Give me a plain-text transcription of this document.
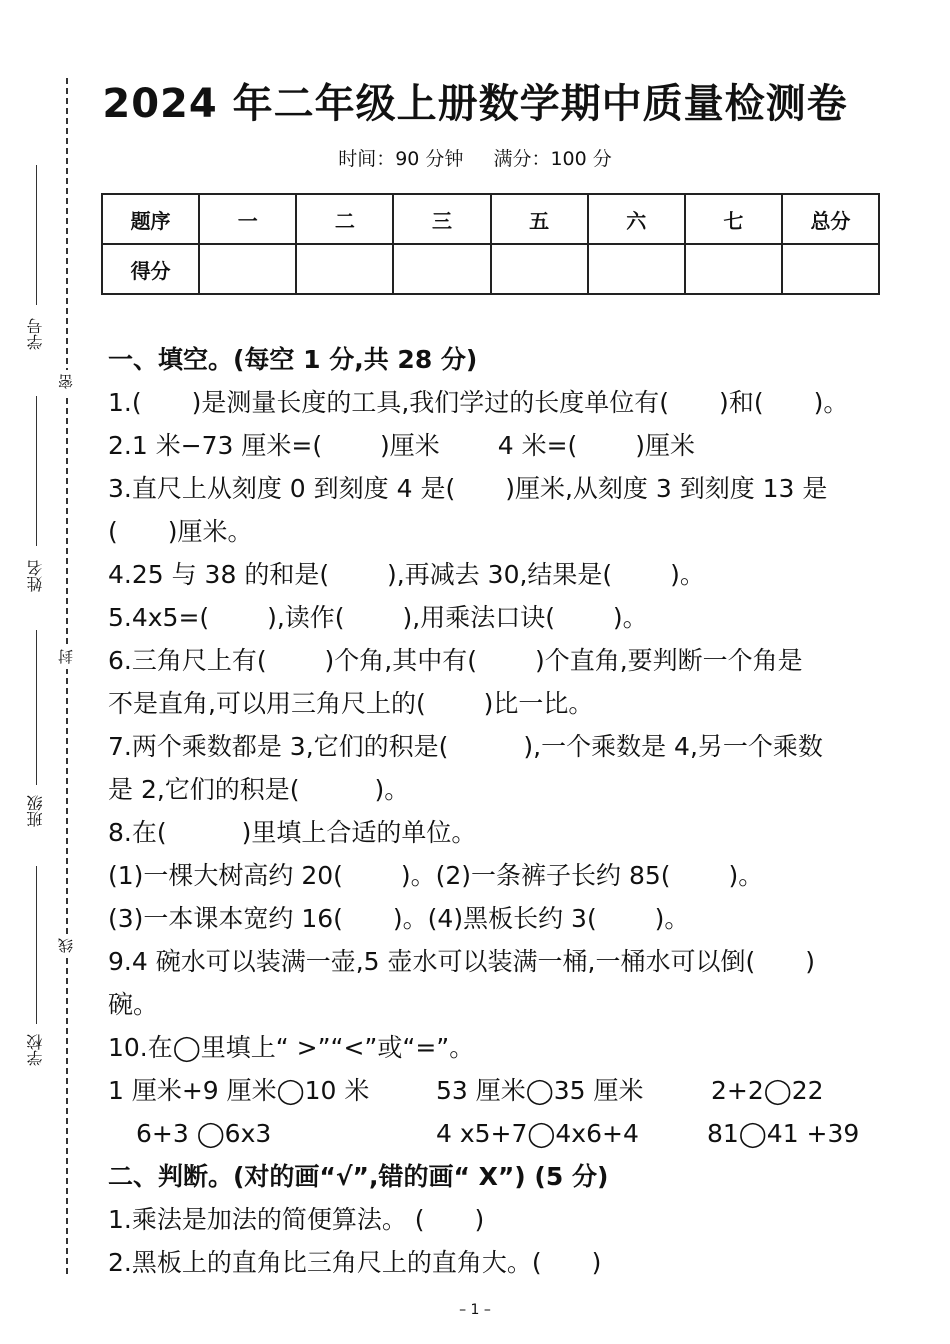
学号
姓名
班级
学校
密
封
线
2024 年二年级上册数学期中质量检测卷
时间：90 分钟 满分：100 分
题序	一	二	三	五	六	七	总分
得分							
一、填空。(每空 1 分,共 28 分)
1.(　　)是测量长度的工具,我们学过的长度单位有(　　)和(　　)。
2.1 米−73 厘米=(　　 )厘米　　 4 米=(　　 )厘米
3.直尺上从刻度 0 到刻度 4 是(　　)厘米,从刻度 3 到刻度 13 是
(　　)厘米。
4.25 与 38 的和是(　　 ),再减去 30,结果是(　　 )。
5.4x5=(　　 ),读作(　　 ),用乘法口诀(　　 )。
6.三角尺上有(　　 )个角,其中有(　　 )个直角,要判断一个角是
不是直角,可以用三角尺上的(　　 )比一比。
7.两个乘数都是 3,它们的积是(　　　),一个乘数是 4,另一个乘数
是 2,它们的积是(　　　)。
8.在(　　　)里填上合适的单位。
(1)一棵大树高约 20(　　 )。(2)一条裤子长约 85(　　 )。
(3)一本课本宽约 16(　　)。(4)黑板长约 3(　　 )。
9.4 碗水可以装满一壶,5 壶水可以装满一桶,一桶水可以倒(　　)
碗。
10.在◯里填上“ >”“<”或“=”。
1 厘米+9 厘米◯10 米	53 厘米◯35 厘米	2+2◯22
6+3 ◯6x3	4 x5+7◯4x6+4	81◯41 +39
二、判断。(对的画“√”,错的画“ X”) (5 分)
1.乘法是加法的简便算法。 (　　)
2.黑板上的直角比三角尺上的直角大。(　　)
– 1 –
